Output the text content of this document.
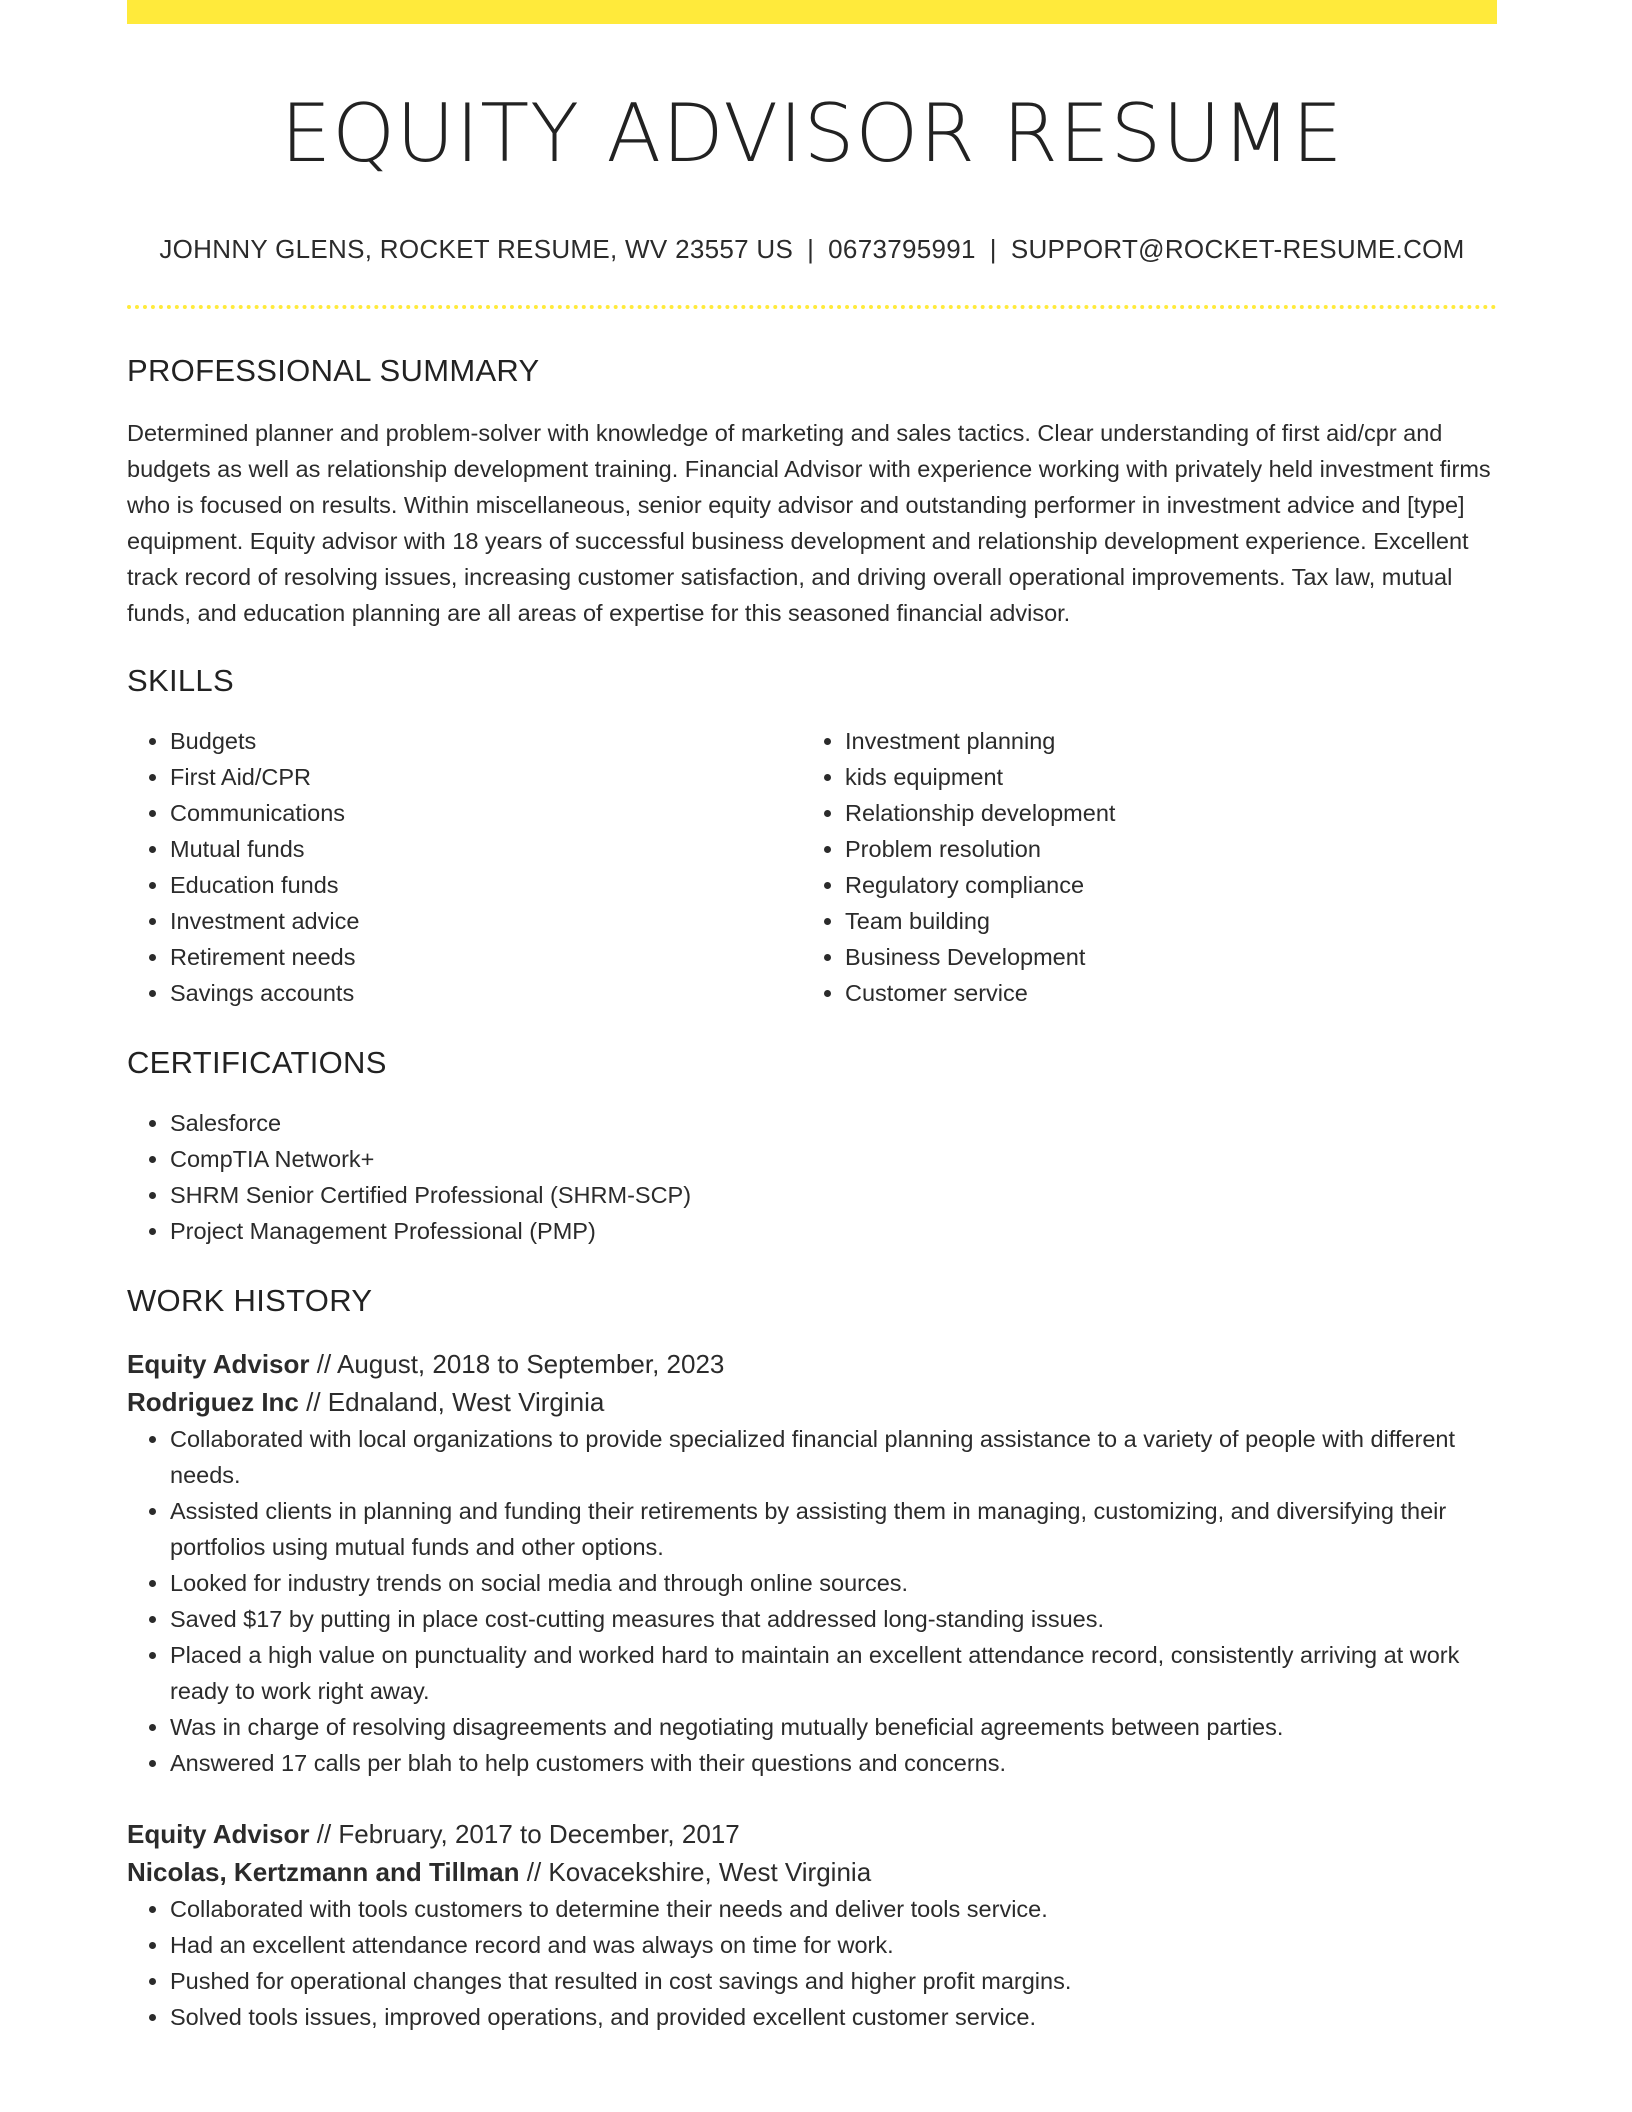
EQUITY ADVISOR RESUME
JOHNNY GLENS, ROCKET RESUME, WV 23557 US | 0673795991 | SUPPORT@ROCKET-RESUME.COM
PROFESSIONAL SUMMARY

Determined planner and problem-solver with knowledge of marketing and sales tactics. Clear understanding of first aid/cpr and budgets as well as relationship development training. Financial Advisor with experience working with privately held investment firms who is focused on results. Within miscellaneous, senior equity advisor and outstanding performer in investment advice and [type] equipment. Equity advisor with 18 years of successful business development and relationship development experience. Excellent track record of resolving issues, increasing customer satisfaction, and driving overall operational improvements. Tax law, mutual funds, and education planning are all areas of expertise for this seasoned financial advisor.

SKILLS
• Budgets
• First Aid/CPR
• Communications
• Mutual funds
• Education funds
• Investment advice
• Retirement needs
• Savings accounts
• Investment planning
• kids equipment
• Relationship development
• Problem resolution
• Regulatory compliance
• Team building
• Business Development
• Customer service
CERTIFICATIONS
• Salesforce
• CompTIA Network+
• SHRM Senior Certified Professional (SHRM-SCP)
• Project Management Professional (PMP)
WORK HISTORY
Equity Advisor // August, 2018 to September, 2023
Rodriguez Inc // Ednaland, West Virginia
• Collaborated with local organizations to provide specialized financial planning assistance to a variety of people with different needs.
• Assisted clients in planning and funding their retirements by assisting them in managing, customizing, and diversifying their portfolios using mutual funds and other options.
• Looked for industry trends on social media and through online sources.
• Saved $17 by putting in place cost-cutting measures that addressed long-standing issues.
• Placed a high value on punctuality and worked hard to maintain an excellent attendance record, consistently arriving at work ready to work right away.
• Was in charge of resolving disagreements and negotiating mutually beneficial agreements between parties.
• Answered 17 calls per blah to help customers with their questions and concerns.
Equity Advisor // February, 2017 to December, 2017
Nicolas, Kertzmann and Tillman // Kovacekshire, West Virginia
• Collaborated with tools customers to determine their needs and deliver tools service.
• Had an excellent attendance record and was always on time for work.
• Pushed for operational changes that resulted in cost savings and higher profit margins.
• Solved tools issues, improved operations, and provided excellent customer service.
